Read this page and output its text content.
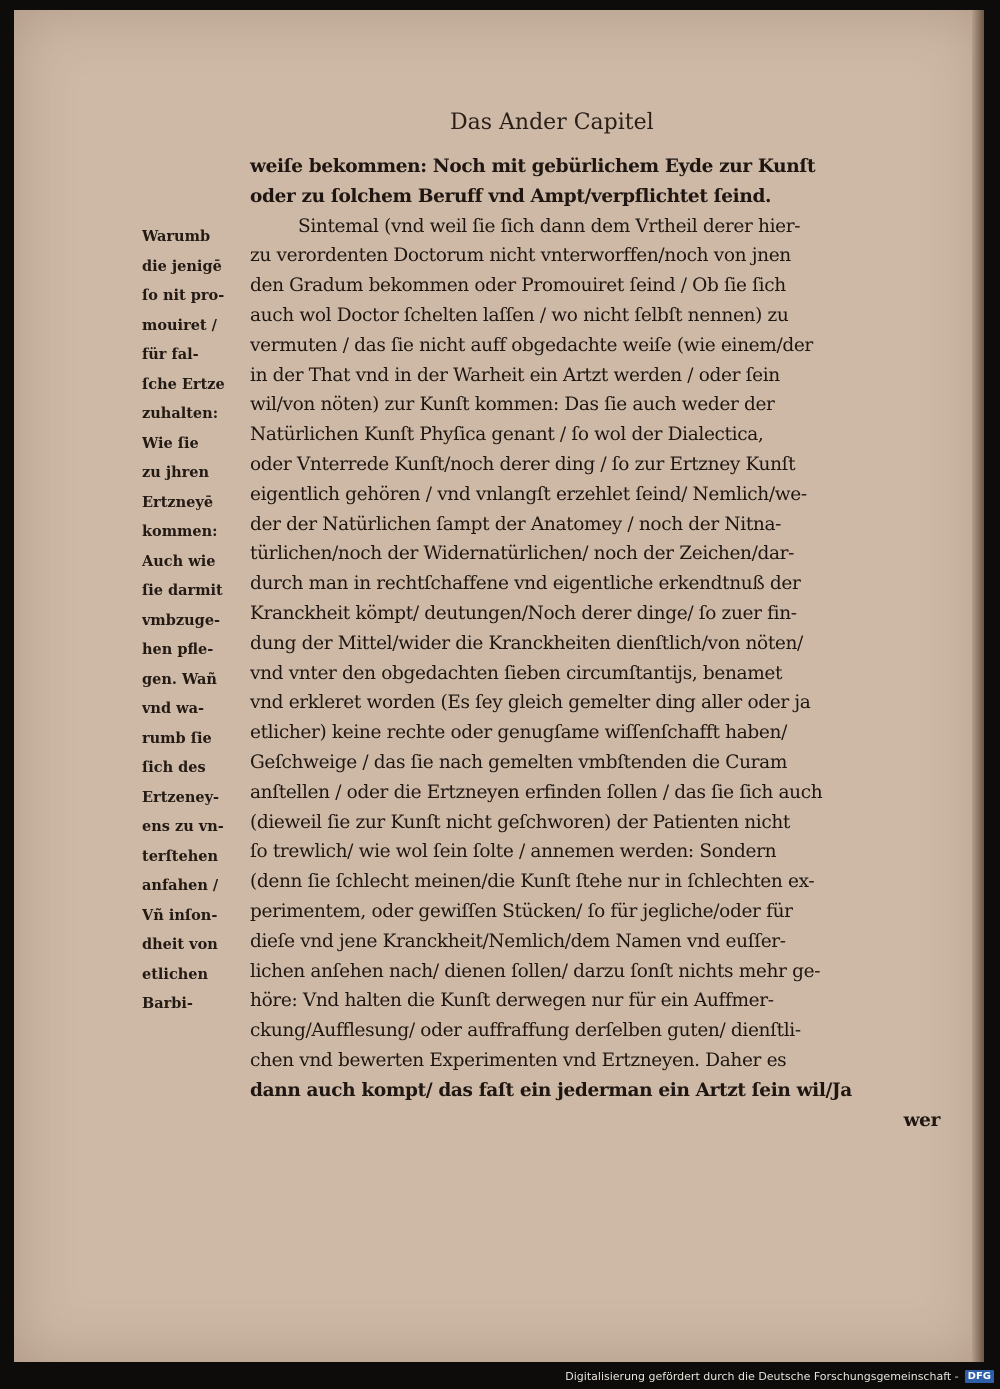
Das Ander Capitel
Warumb
die jenigē
ſo nit pro-
mouiret /
für fal-
ſche Ertze
zuhalten:
Wie ſie
zu jhren
Ertzneyē
kommen:
Auch wie
ſie darmit
vmbzuge-
hen pfle-
gen. Wañ
vnd wa-
rumb ſie
ſich des
Ertzeney-
ens zu vn-
terſtehen
anfahen /
Vñ inſon-
dheit von
etlichen
Barbi-
weiſe bekommen: Noch mit gebürlichem Eyde zur Kunſt
oder zu ſolchem Beruff vnd Ampt/verpflichtet ſeind.
Sintemal (vnd weil ſie ſich dann dem Vrtheil derer hier-
zu verordenten Doctorum nicht vnterworffen/noch von jnen
den Gradum bekommen oder Promouiret ſeind / Ob ſie ſich
auch wol Doctor ſchelten laſſen / wo nicht ſelbſt nennen) zu
vermuten / das ſie nicht auff obgedachte weiſe (wie einem/der
in der That vnd in der Warheit ein Artzt werden / oder ſein
wil/von nöten) zur Kunſt kommen: Das ſie auch weder der
Natürlichen Kunſt Phyſica genant / ſo wol der Dialectica,
oder Vnterrede Kunſt/noch derer ding / ſo zur Ertzney Kunſt
eigentlich gehören / vnd vnlangſt erzehlet ſeind/ Nemlich/we-
der der Natürlichen ſampt der Anatomey / noch der Nitna-
türlichen/noch der Widernatürlichen/ noch der Zeichen/dar-
durch man in rechtſchaffene vnd eigentliche erkendtnuß der
Kranckheit kömpt/ deutungen/Noch derer dinge/ ſo zuer fin-
dung der Mittel/wider die Kranckheiten dienſtlich/von nöten/
vnd vnter den obgedachten ſieben circumſtantijs, benamet
vnd erkleret worden (Es ſey gleich gemelter ding aller oder ja
etlicher) keine rechte oder genugſame wiſſenſchafft haben/
Geſchweige / das ſie nach gemelten vmbſtenden die Curam
anſtellen / oder die Ertzneyen erfinden ſollen / das ſie ſich auch
(dieweil ſie zur Kunſt nicht geſchworen) der Patienten nicht
ſo trewlich/ wie wol ſein ſolte / annemen werden: Sondern
(denn ſie ſchlecht meinen/die Kunſt ſtehe nur in ſchlechten ex-
perimentem, oder gewiſſen Stücken/ ſo für jegliche/oder für
dieſe vnd jene Kranckheit/Nemlich/dem Namen vnd euſſer-
lichen anſehen nach/ dienen ſollen/ darzu ſonſt nichts mehr ge-
höre: Vnd halten die Kunſt derwegen nur für ein Auffmer-
ckung/Aufflesung/ oder auffraffung derſelben guten/ dienſtli-
chen vnd bewerten Experimenten vnd Ertzneyen. Daher es
dann auch kompt/ das faſt ein jederman ein Artzt ſein wil/Ja
wer
Digitalisierung gefördert durch die Deutsche Forschungsgemeinschaft - DFG
